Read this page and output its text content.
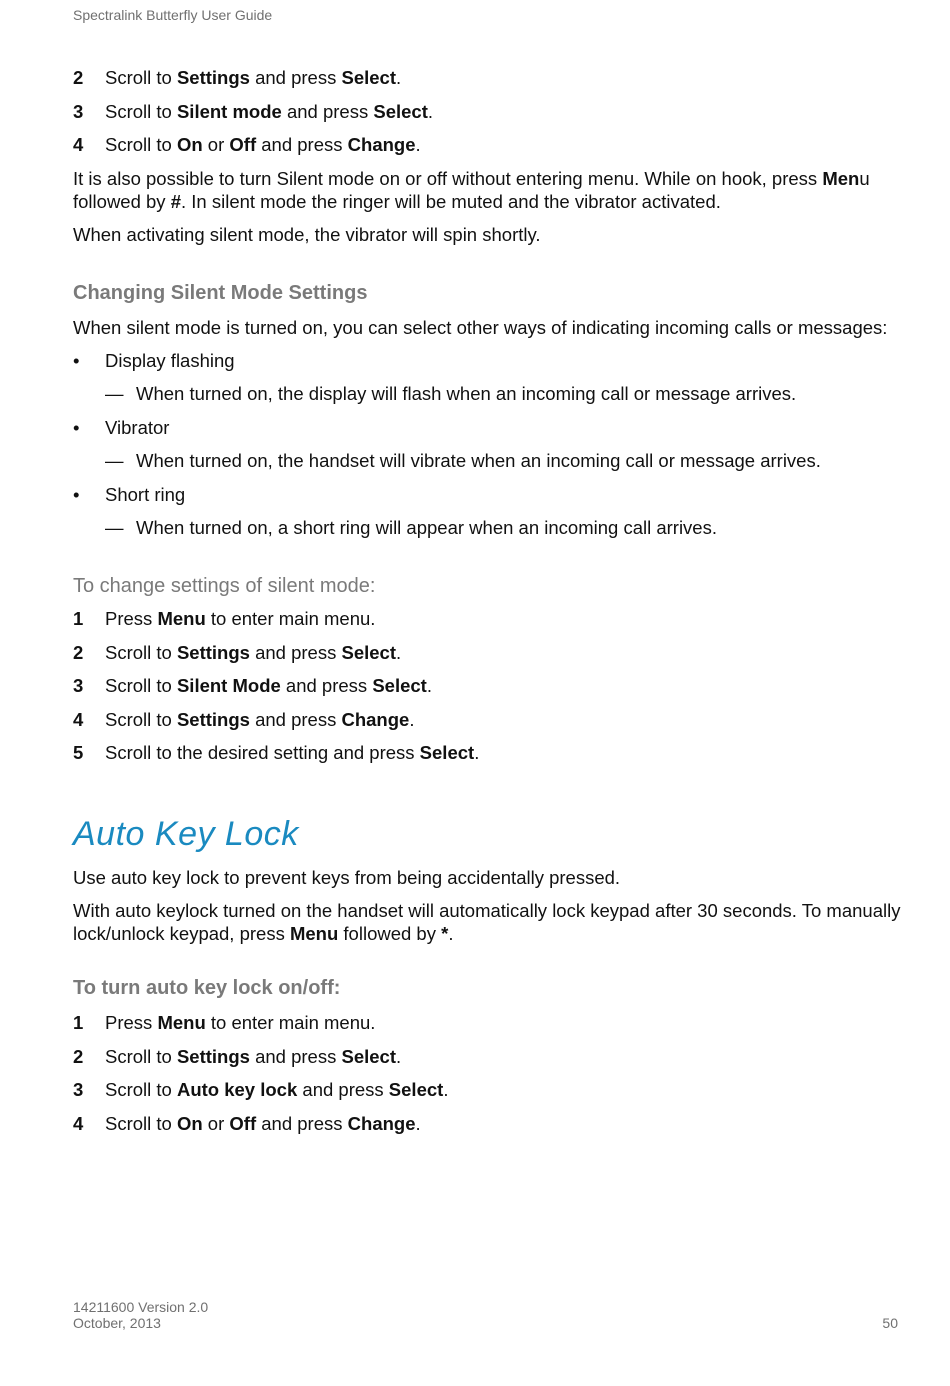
Spectralink Butterfly User Guide
2	Scroll to Settings and press Select.
3	Scroll to Silent mode and press Select.
4	Scroll to On or Off and press Change.

It is also possible to turn Silent mode on or off without entering menu. While on hook, press Menu followed by #. In silent mode the ringer will be muted and the vibrator activated.

When activating silent mode, the vibrator will spin shortly.

Changing Silent Mode Settings

When silent mode is turned on, you can select other ways of indicating incoming calls or messages:

•	Display flashing
— When turned on, the display will flash when an incoming call or message arrives.
•	Vibrator
— When turned on, the handset will vibrate when an incoming call or message arrives.
•	Short ring
— When turned on, a short ring will appear when an incoming call arrives.
To change settings of silent mode:
1	Press Menu to enter main menu.
2	Scroll to Settings and press Select.
3	Scroll to Silent Mode and press Select.
4	Scroll to Settings and press Change.
5	Scroll to the desired setting and press Select.
Auto Key Lock

Use auto key lock to prevent keys from being accidentally pressed.

With auto keylock turned on the handset will automatically lock keypad after 30 seconds. To manually lock/unlock keypad, press Menu followed by *.

To turn auto key lock on/off:
1	Press Menu to enter main menu.
2	Scroll to Settings and press Select.
3	Scroll to Auto key lock and press Select.
4	Scroll to On or Off and press Change.
14211600 Version 2.0
October, 2013	50
